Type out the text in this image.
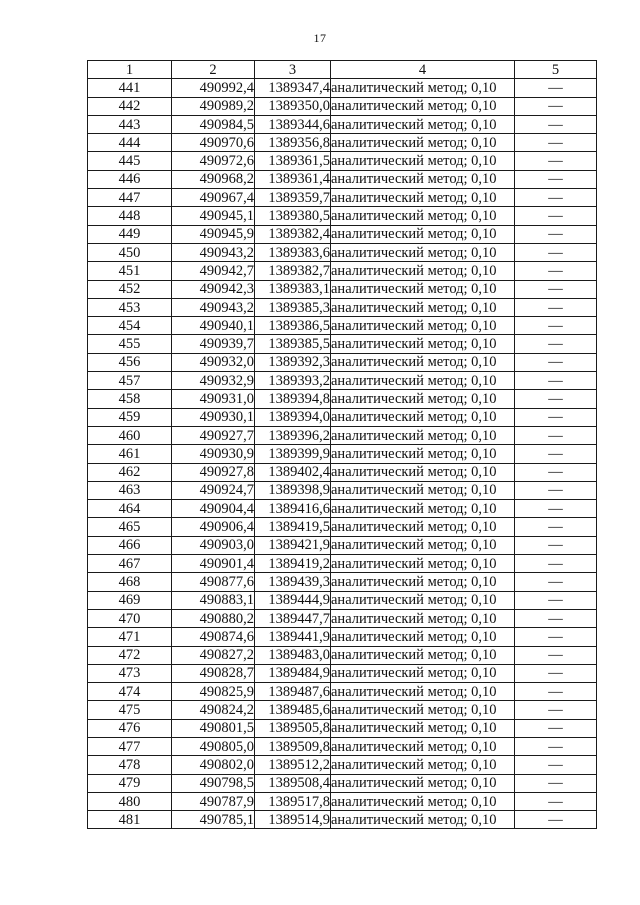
17
1	2	3	4	5
441	490992,4	1389347,4	аналитический метод; 0,10	—
442	490989,2	1389350,0	аналитический метод; 0,10	—
443	490984,5	1389344,6	аналитический метод; 0,10	—
444	490970,6	1389356,8	аналитический метод; 0,10	—
445	490972,6	1389361,5	аналитический метод; 0,10	—
446	490968,2	1389361,4	аналитический метод; 0,10	—
447	490967,4	1389359,7	аналитический метод; 0,10	—
448	490945,1	1389380,5	аналитический метод; 0,10	—
449	490945,9	1389382,4	аналитический метод; 0,10	—
450	490943,2	1389383,6	аналитический метод; 0,10	—
451	490942,7	1389382,7	аналитический метод; 0,10	—
452	490942,3	1389383,1	аналитический метод; 0,10	—
453	490943,2	1389385,3	аналитический метод; 0,10	—
454	490940,1	1389386,5	аналитический метод; 0,10	—
455	490939,7	1389385,5	аналитический метод; 0,10	—
456	490932,0	1389392,3	аналитический метод; 0,10	—
457	490932,9	1389393,2	аналитический метод; 0,10	—
458	490931,0	1389394,8	аналитический метод; 0,10	—
459	490930,1	1389394,0	аналитический метод; 0,10	—
460	490927,7	1389396,2	аналитический метод; 0,10	—
461	490930,9	1389399,9	аналитический метод; 0,10	—
462	490927,8	1389402,4	аналитический метод; 0,10	—
463	490924,7	1389398,9	аналитический метод; 0,10	—
464	490904,4	1389416,6	аналитический метод; 0,10	—
465	490906,4	1389419,5	аналитический метод; 0,10	—
466	490903,0	1389421,9	аналитический метод; 0,10	—
467	490901,4	1389419,2	аналитический метод; 0,10	—
468	490877,6	1389439,3	аналитический метод; 0,10	—
469	490883,1	1389444,9	аналитический метод; 0,10	—
470	490880,2	1389447,7	аналитический метод; 0,10	—
471	490874,6	1389441,9	аналитический метод; 0,10	—
472	490827,2	1389483,0	аналитический метод; 0,10	—
473	490828,7	1389484,9	аналитический метод; 0,10	—
474	490825,9	1389487,6	аналитический метод; 0,10	—
475	490824,2	1389485,6	аналитический метод; 0,10	—
476	490801,5	1389505,8	аналитический метод; 0,10	—
477	490805,0	1389509,8	аналитический метод; 0,10	—
478	490802,0	1389512,2	аналитический метод; 0,10	—
479	490798,5	1389508,4	аналитический метод; 0,10	—
480	490787,9	1389517,8	аналитический метод; 0,10	—
481	490785,1	1389514,9	аналитический метод; 0,10	—
